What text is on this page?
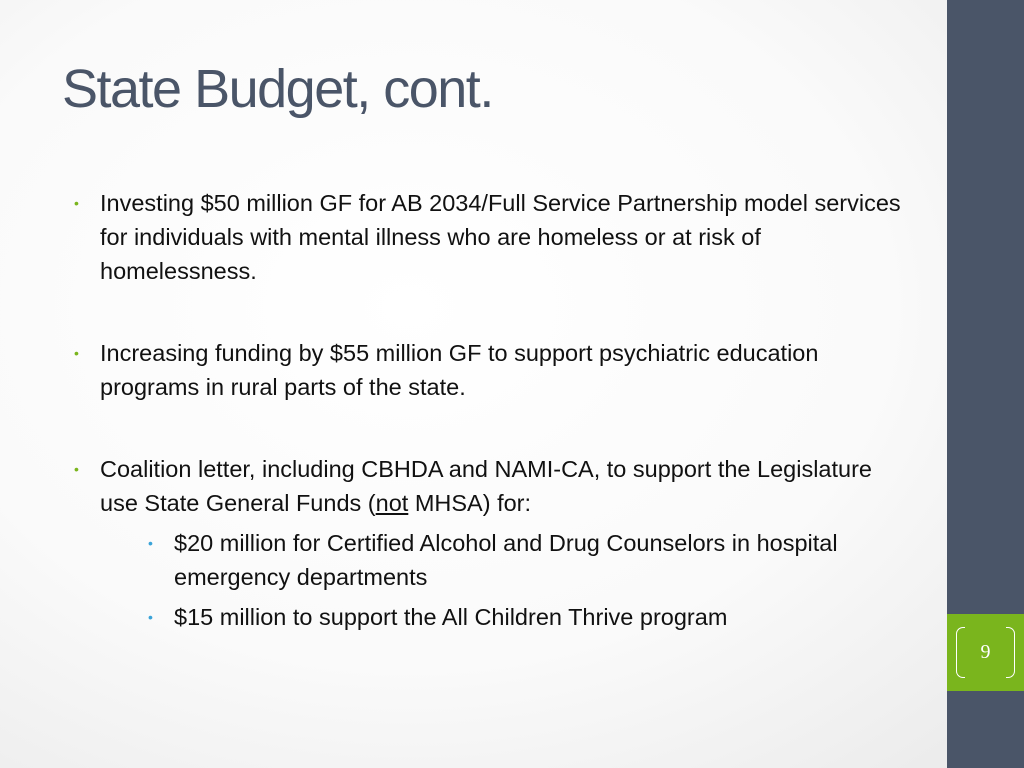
9
State Budget, cont.
• Investing $50 million GF for AB 2034/Full Service Partnership model services for individuals with mental illness who are homeless or at risk of homelessness.
• Increasing funding by $55 million GF to support psychiatric education programs in rural parts of the state.
• Coalition letter, including CBHDA and NAMI-CA, to support the Legislature use State General Funds (not MHSA) for:
• $20 million for Certified Alcohol and Drug Counselors in hospital emergency departments
• $15 million to support the All Children Thrive program
